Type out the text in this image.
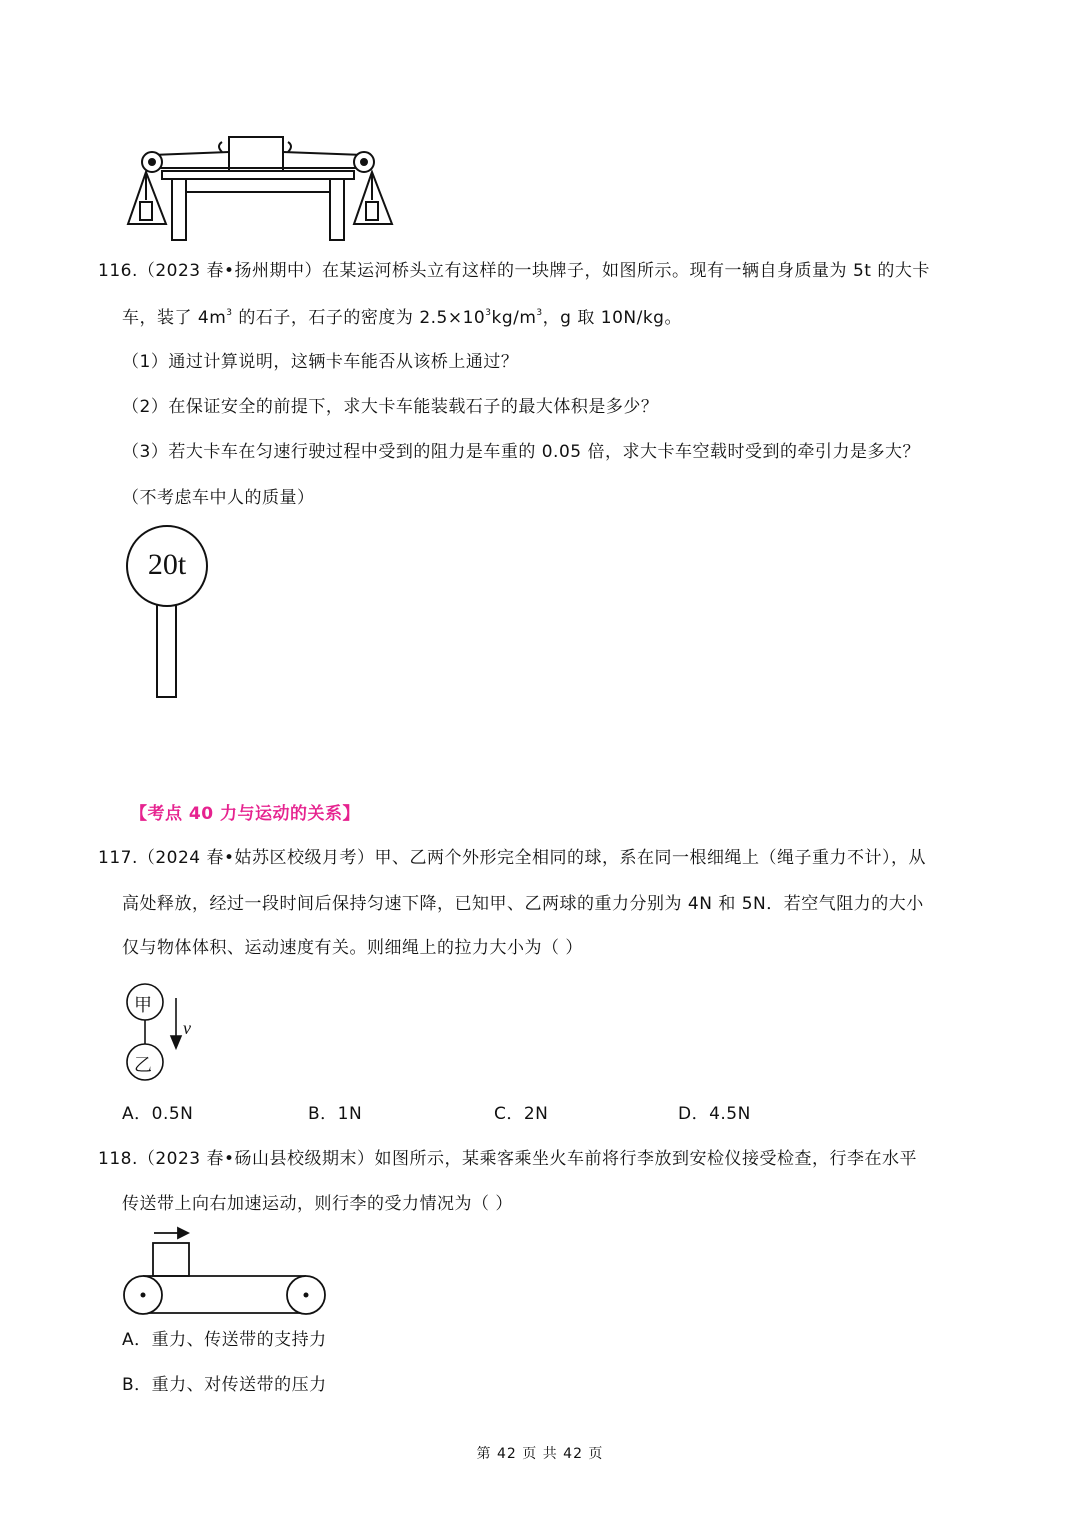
116.（2023 春•扬州期中）在某运河桥头立有这样的一块牌子，如图所示。现有一辆自身质量为 5t 的大卡
车，装了 $4m^3$ 的石子，石子的密度为 $2.5\times 10^3kg/m^3$，g 取 10N/kg。
（1）通过计算说明，这辆卡车能否从该桥上通过？
（2）在保证安全的前提下，求大卡车能装载石子的最大体积是多少？
（3）若大卡车在匀速行驶过程中受到的阻力是车重的 0.05 倍，求大卡车空载时受到的牵引力是多大？
（不考虑车中人的质量）
20t
【考点 40 力与运动的关系】
117.（2024 春•姑苏区校级月考）甲、乙两个外形完全相同的球，系在同一根细绳上（绳子重力不计），从
高处释放，经过一段时间后保持匀速下降，已知甲、乙两球的重力分别为 4N 和 5N．若空气阻力的大小
仅与物体体积、运动速度有关。则细绳上的拉力大小为（ ）
甲
乙
v
A．0.5N	B．1N	C．2N	D．4.5N
118.（2023 春•砀山县校级期末）如图所示，某乘客乘坐火车前将行李放到安检仪接受检查，行李在水平
传送带上向右加速运动，则行李的受力情况为（ ）
A．重力、传送带的支持力
B．重力、对传送带的压力
第 42 页 共 42 页
